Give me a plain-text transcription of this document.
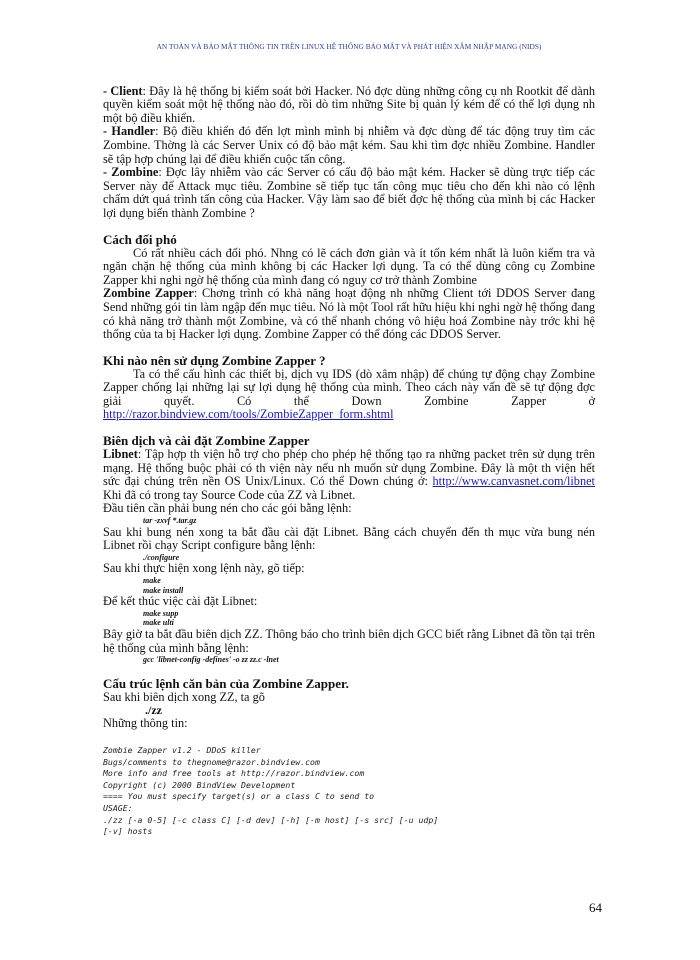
AN TOÀN VÀ BẢO MẬT THÔNG TIN TRÊN LINUX HỆ THỐNG BẢO MẬT VÀ PHÁT HIỆN XÂM NHẬP MẠNG (NIDS)

- Client: Đây là hệ thống bị kiểm soát bởi Hacker. Nó đợc dùng những công cụ nh Rootkit để dành quyền kiểm soát một hệ thống nào đó, rồi dò tìm những Site bị quản lý kém để có thể lợi dụng nh một bộ điều khiển.

- Handler: Bộ điều khiển đó đến lợt mình mình bị nhiễm và đợc dùng để tác động truy tìm các Zombine. Thờng là các Server Unix có độ bảo mật kém. Sau khi tìm đợc nhiều Zombine. Handler sẽ tập hợp chúng lại để điều khiển cuộc tấn công.

- Zombine: Đợc lây nhiễm vào các Server có cấu độ bảo mật kém. Hacker sẽ dùng trực tiếp các Server này để Attack mục tiêu. Zombine sẽ tiếp tục tấn công mục tiêu cho đến khi nào có lệnh chấm dứt quá trình tấn công của Hacker. Vậy làm sao để biết đợc hệ thống của mình bị các Hacker lợi dụng biến thành Zombine ?

Cách đối phó

Có rất nhiều cách đối phó. Nhng có lẽ cách đơn giản và ít tốn kém nhất là luôn kiểm tra và ngăn chặn hệ thống của mình không bị các Hacker lợi dụng. Ta có thể dùng công cụ Zombine Zapper khi nghi ngờ hệ thống của mình đang có nguy cơ trở thành Zombine

Zombine Zapper: Chơng trình có khả năng hoạt động nh những Client tới DDOS Server đang Send những gói tin làm ngập đến mục tiêu. Nó là một Tool rất hữu hiệu khi nghi ngờ hệ thống đang có khả năng trở thành một Zombine, và có thể nhanh chóng vô hiệu hoá Zombine này trớc khi hệ thống của ta bị Hacker lợi dụng. Zombine Zapper có thể đóng các DDOS Server.

Khi nào nên sử dụng Zombine Zapper ?

Ta có thể cấu hình các thiết bị, dịch vụ IDS (dò xâm nhập) để chúng tự động chạy Zombine Zapper chống lại những lại sự lợi dụng hệ thống của mình. Theo cách này vấn đề sẽ tự động đợc giải quyết. Có thể Down Zombine Zapper ở http://razor.bindview.com/tools/ZombieZapper_form.shtml

Biên dịch và cài đặt Zombine Zapper

Libnet: Tập hợp th viện hỗ trợ cho phép cho phép hệ thống tạo ra những packet trên sử dụng trên mạng. Hệ thống buộc phải có th viện này nếu nh muốn sử dụng Zombine. Đây là một th viện hết sức đại chúng trên nền OS Unix/Linux. Có thể Down chúng ở: http://www.canvasnet.com/libnet Khi đã có trong tay Source Code của ZZ và Libnet.

Đầu tiên cần phải bung nén cho các gói bằng lệnh:

tar -zxvf *.tar.gz

Sau khi bung nén xong ta bắt đầu cài đặt Libnet. Bằng cách chuyển đến th mục vừa bung nén Libnet rồi chạy Script configure bằng lệnh:

./configure

Sau khi thực hiện xong lệnh này, gõ tiếp:

make
make install

Để kết thúc việc cài đặt Libnet:

make supp
make ulti

Bây giờ ta bắt đầu biên dịch ZZ. Thông báo cho trình biên dịch GCC biết rằng Libnet đã tồn tại trên hệ thống của mình bằng lệnh:

gcc 'libnet-config -defines' -o zz zz.c -lnet
Cấu trúc lệnh căn bản của Zombine Zapper.

Sau khi biên dịch xong ZZ, ta gõ

./zz

Những thông tin:

Zombie Zapper v1.2 - DDoS killer
Bugs/comments to thegnome@razor.bindview.com
More info and free tools at http://razor.bindview.com
Copyright (c) 2000 BindView Development
==== You must specify target(s) or a class C to send to
USAGE:
./zz [-a 0-5] [-c class C] [-d dev] [-h] [-m host] [-s src] [-u udp]
[-v] hosts
64
